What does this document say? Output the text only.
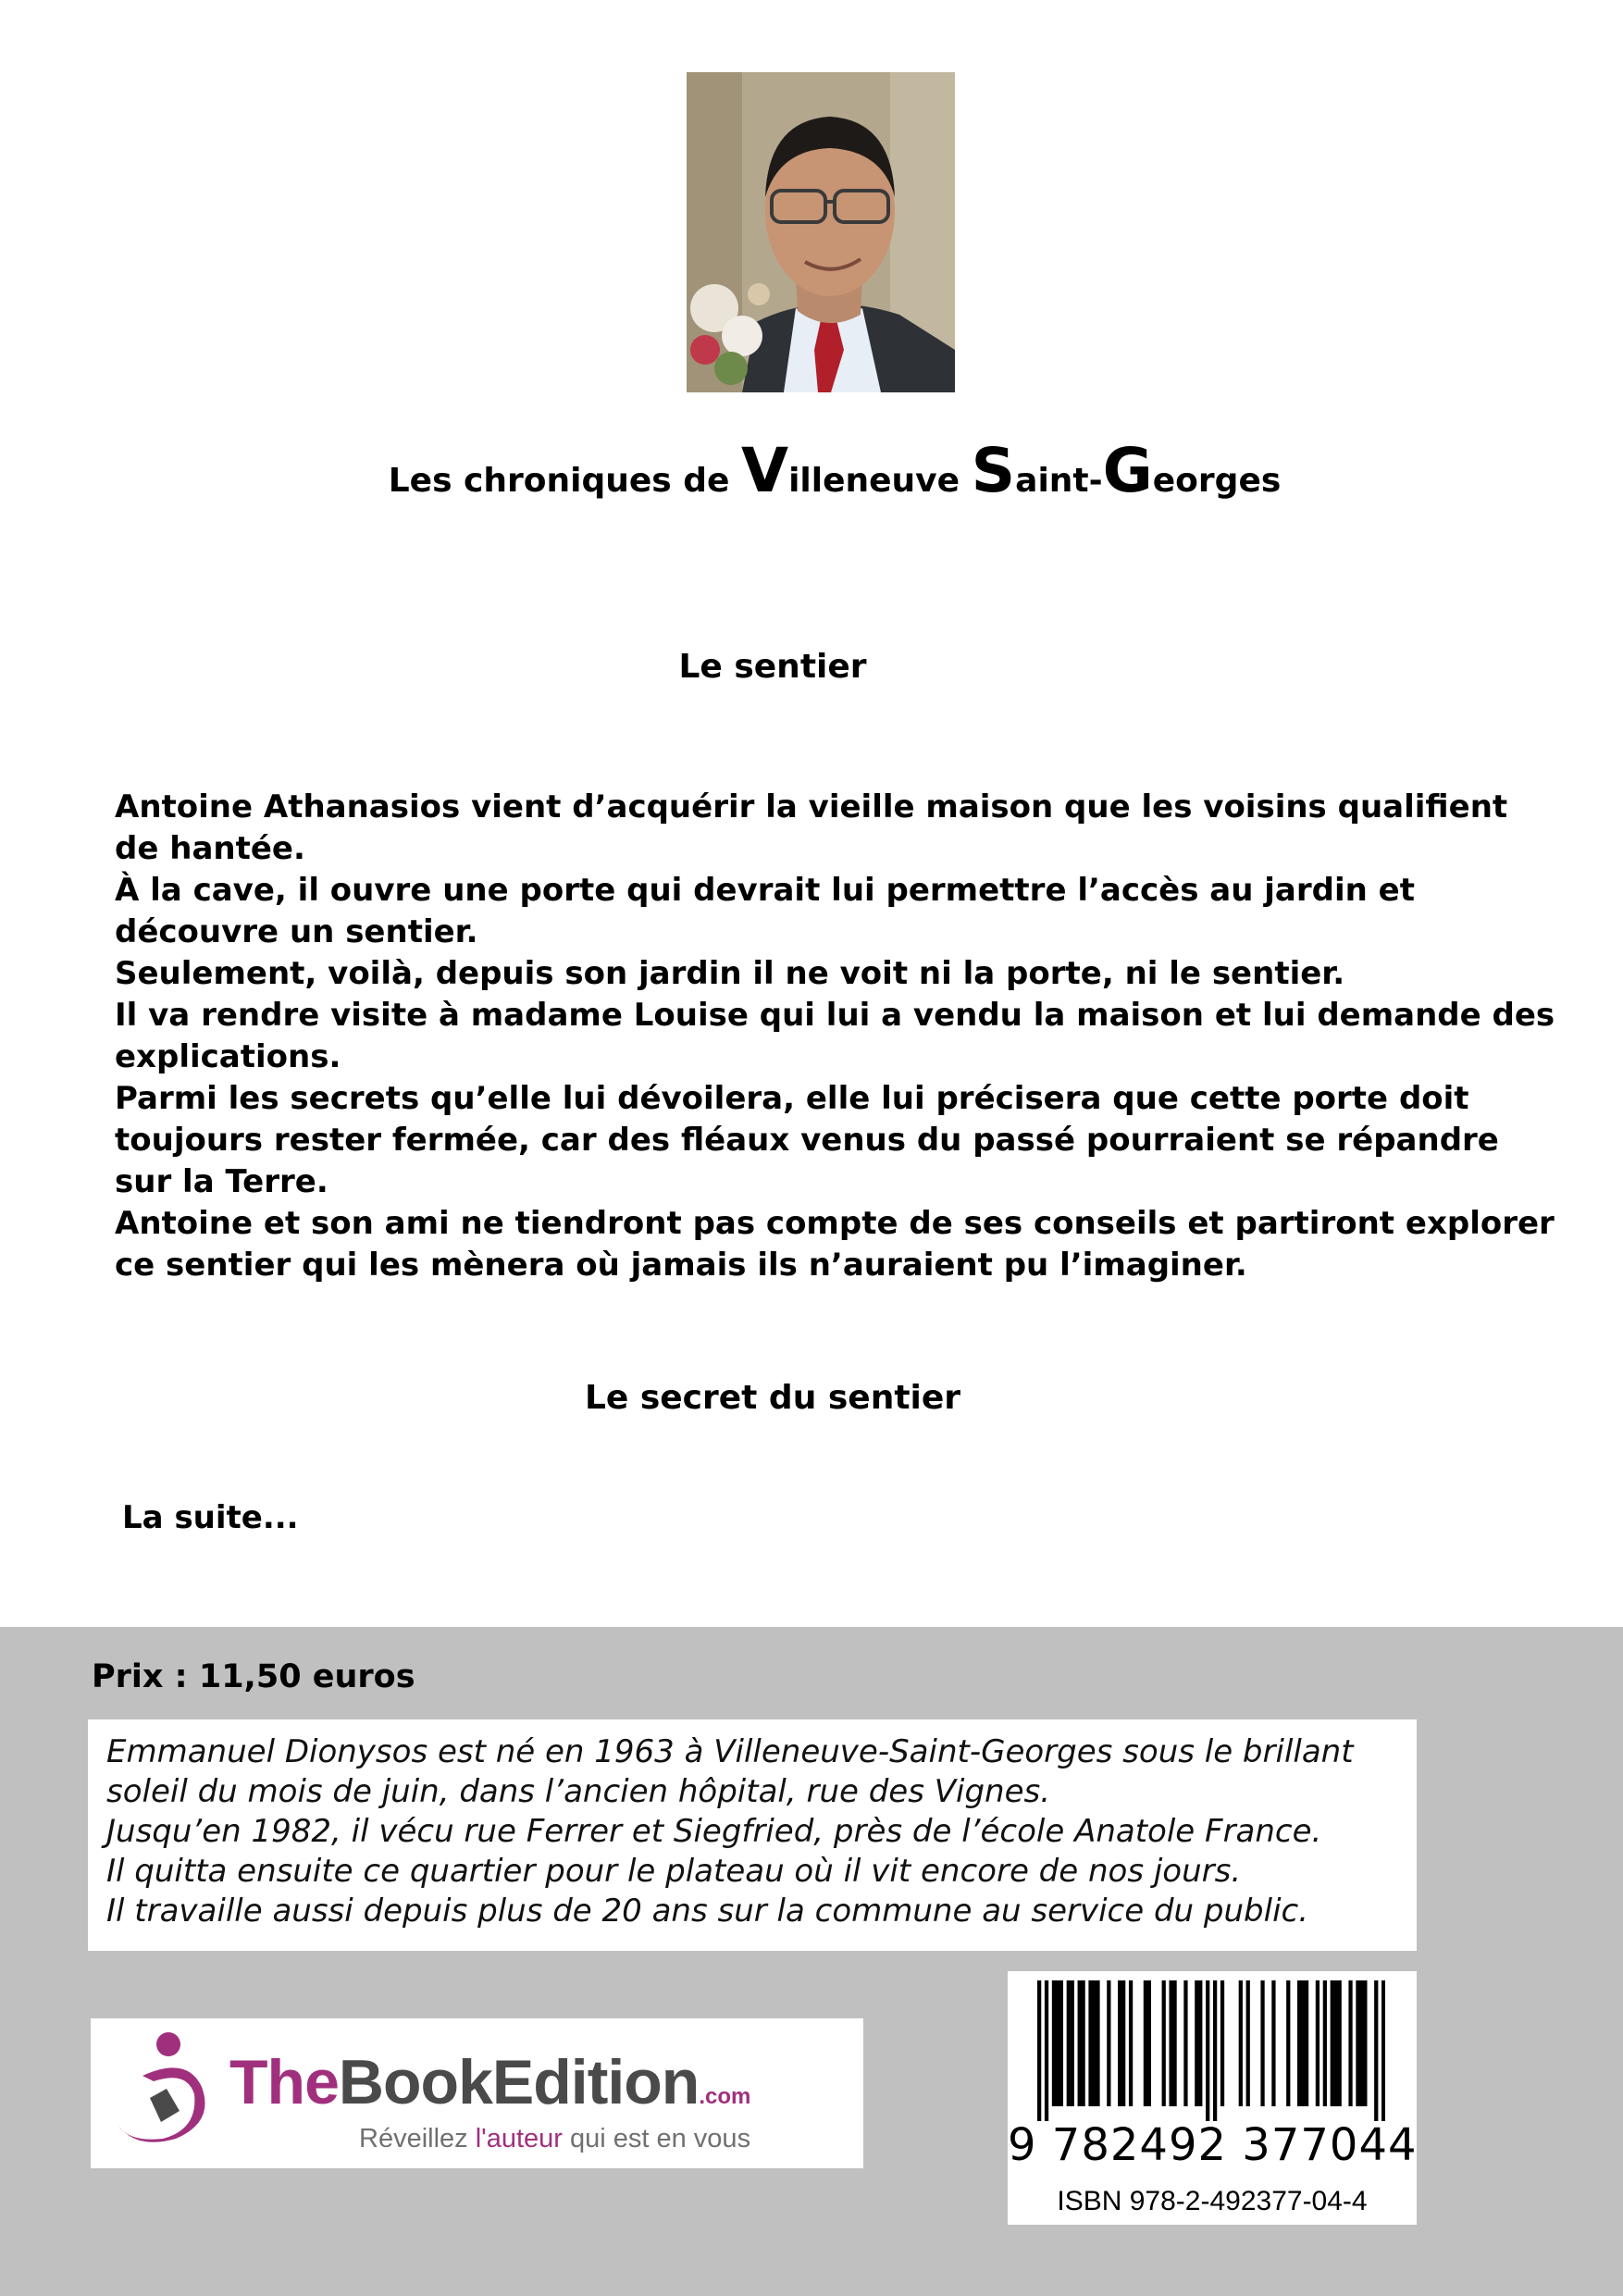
Les chroniques de Villeneuve Saint-Georges
Le sentier

Antoine Athanasios vient d’acquérir la vieille maison que les voisins qualifient de hantée.

À la cave, il ouvre une porte qui devrait lui permettre l’accès au jardin et découvre un sentier.

Seulement, voilà, depuis son jardin il ne voit ni la porte, ni le sentier.

Il va rendre visite à madame Louise qui lui a vendu la maison et lui demande des explications.

Parmi les secrets qu’elle lui dévoilera, elle lui précisera que cette porte doit toujours rester fermée, car des fléaux venus du passé pourraient se répandre sur la Terre.

Antoine et son ami ne tiendront pas compte de ses conseils et partiront explorer ce sentier qui les mènera où jamais ils n’auraient pu l’imaginer.

Le secret du sentier
La suite...
Prix : 11,50 euros

Emmanuel Dionysos est né en 1963 à Villeneuve-Saint-Georges sous le brillant

soleil du mois de juin, dans l’ancien hôpital, rue des Vignes.

Jusqu’en 1982, il vécu rue Ferrer et Siegfried, près de l’école Anatole France.

Il quitta ensuite ce quartier pour le plateau où il vit encore de nos jours.

Il travaille aussi depuis plus de 20 ans sur la commune au service du public.

TheBookEdition.com
Réveillez l'auteur qui est en vous	9 782492 377044
ISBN 978-2-492377-04-4
